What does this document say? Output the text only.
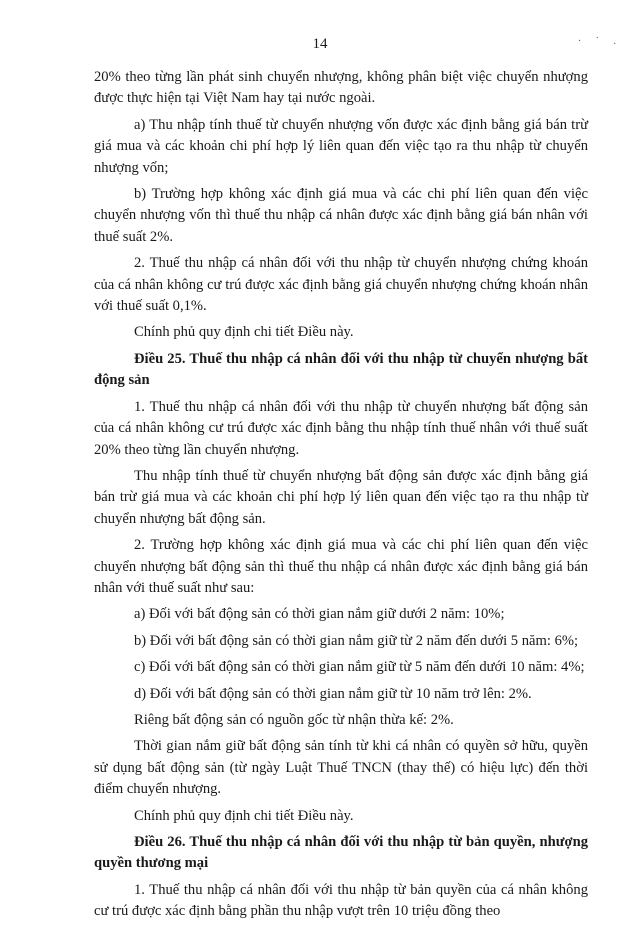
14	· ˙ .

20% theo từng lần phát sinh chuyển nhượng, không phân biệt việc chuyển nhượng được thực hiện tại Việt Nam hay tại nước ngoài.

a) Thu nhập tính thuế từ chuyển nhượng vốn được xác định bằng giá bán trừ giá mua và các khoản chi phí hợp lý liên quan đến việc tạo ra thu nhập từ chuyển nhượng vốn;

b) Trường hợp không xác định giá mua và các chi phí liên quan đến việc chuyển nhượng vốn thì thuế thu nhập cá nhân được xác định bằng giá bán nhân với thuế suất 2%.

2. Thuế thu nhập cá nhân đối với thu nhập từ chuyển nhượng chứng khoán của cá nhân không cư trú được xác định bằng giá chuyển nhượng chứng khoán nhân với thuế suất 0,1%.

Chính phủ quy định chi tiết Điều này.

Điều 25. Thuế thu nhập cá nhân đối với thu nhập từ chuyển nhượng bất động sản

1. Thuế thu nhập cá nhân đối với thu nhập từ chuyển nhượng bất động sản của cá nhân không cư trú được xác định bằng thu nhập tính thuế nhân với thuế suất 20% theo từng lần chuyển nhượng.

Thu nhập tính thuế từ chuyển nhượng bất động sản được xác định bằng giá bán trừ giá mua và các khoản chi phí hợp lý liên quan đến việc tạo ra thu nhập từ chuyển nhượng bất động sản.

2. Trường hợp không xác định giá mua và các chi phí liên quan đến việc chuyển nhượng bất động sản thì thuế thu nhập cá nhân được xác định bằng giá bán nhân với thuế suất như sau:

a) Đối với bất động sản có thời gian nắm giữ dưới 2 năm: 10%;

b) Đối với bất động sản có thời gian nắm giữ từ 2 năm đến dưới 5 năm: 6%;

c) Đối với bất động sản có thời gian nắm giữ từ 5 năm đến dưới 10 năm: 4%;

d) Đối với bất động sản có thời gian nắm giữ từ 10 năm trở lên: 2%.

Riêng bất động sản có nguồn gốc từ nhận thừa kế: 2%.

Thời gian nắm giữ bất động sản tính từ khi cá nhân có quyền sở hữu, quyền sử dụng bất động sản (từ ngày Luật Thuế TNCN (thay thế) có hiệu lực) đến thời điểm chuyển nhượng.

Chính phủ quy định chi tiết Điều này.

Điều 26. Thuế thu nhập cá nhân đối với thu nhập từ bản quyền, nhượng quyền thương mại

1. Thuế thu nhập cá nhân đối với thu nhập từ bản quyền của cá nhân không cư trú được xác định bằng phần thu nhập vượt trên 10 triệu đồng theo
